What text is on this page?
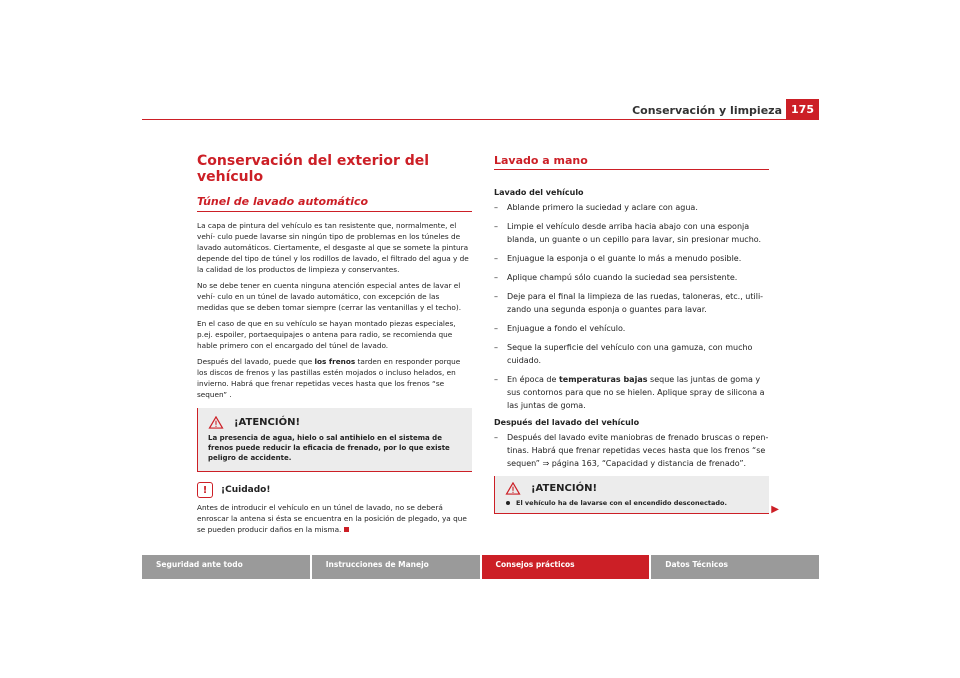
Conservación y limpieza 175
Conservación del exterior del vehículo
Túnel de lavado automático

La capa de pintura del vehículo es tan resistente que, normalmente, el vehí- culo puede lavarse sin ningún tipo de problemas en los túneles de lavado automáticos. Ciertamente, el desgaste al que se somete la pintura depende del tipo de túnel y los rodillos de lavado, el filtrado del agua y de la calidad de los productos de limpieza y conservantes.

No se debe tener en cuenta ninguna atención especial antes de lavar el vehí- culo en un túnel de lavado automático, con excepción de las medidas que se deben tomar siempre (cerrar las ventanillas y el techo).

En el caso de que en su vehículo se hayan montado piezas especiales, p.ej. espoiler, portaequipajes o antena para radio, se recomienda que hable primero con el encargado del túnel de lavado.

Después del lavado, puede que los frenos tarden en responder porque los discos de frenos y las pastillas estén mojados o incluso helados, en invierno. Habrá que frenar repetidas veces hasta que los frenos “se sequen” .

¡ATENCIÓN!

La presencia de agua, hielo o sal antihielo en el sistema de frenos puede reducir la eficacia de frenado, por lo que existe peligro de accidente.

!	¡Cuidado!

Antes de introducir el vehículo en un túnel de lavado, no se deberá enroscar la antena si ésta se encuentra en la posición de plegado, ya que se pueden producir daños en la misma.

Lavado a mano
Lavado del vehículo
–	Ablande primero la suciedad y aclare con agua.
–	Limpie el vehículo desde arriba hacia abajo con una esponja blanda, un guante o un cepillo para lavar, sin presionar mucho.
–	Enjuague la esponja o el guante lo más a menudo posible.
–	Aplique champú sólo cuando la suciedad sea persistente.
–	Deje para el final la limpieza de las ruedas, taloneras, etc., utili- zando una segunda esponja o guantes para lavar.
–	Enjuague a fondo el vehículo.
–	Seque la superficie del vehículo con una gamuza, con mucho cuidado.
–	En época de temperaturas bajas seque las juntas de goma y sus contornos para que no se hielen. Aplique spray de silicona a las juntas de goma.
Después del lavado del vehículo
–	Después del lavado evite maniobras de frenado bruscas o repen- tinas. Habrá que frenar repetidas veces hasta que los frenos “se sequen” ⇒ página 163, “Capacidad y distancia de frenado”.
¡ATENCIÓN!
El vehículo ha de lavarse con el encendido desconectado.
▶
Seguridad ante todo	Instrucciones de Manejo	Consejos prácticos	Datos Técnicos
